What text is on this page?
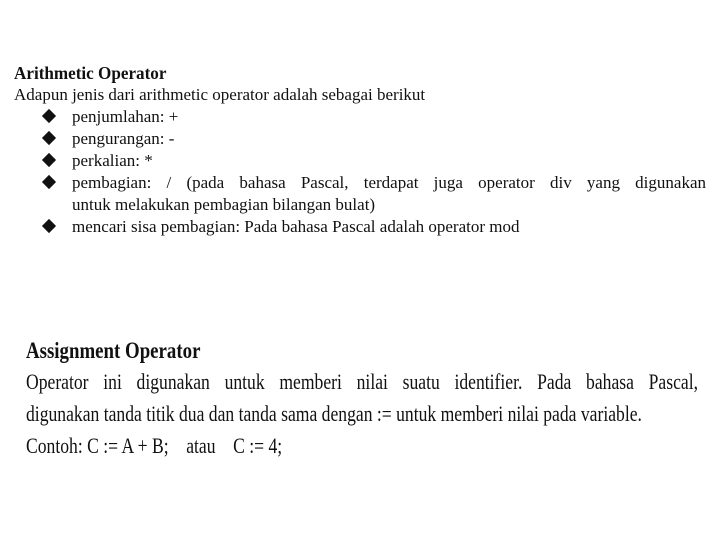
Arithmetic Operator
Adapun jenis dari arithmetic operator adalah sebagai berikut
penjumlahan: +
pengurangan: -
perkalian: *
pembagian: / (pada bahasa Pascal, terdapat juga operator div yang digunakan
untuk melakukan pembagian bilangan bulat)
mencari sisa pembagian: Pada bahasa Pascal adalah operator mod
Assignment Operator
Operator ini digunakan untuk memberi nilai suatu identifier. Pada bahasa Pascal,
digunakan tanda titik dua dan tanda sama dengan := untuk memberi nilai pada variable.
Contoh: C := A + B; atau C := 4;
